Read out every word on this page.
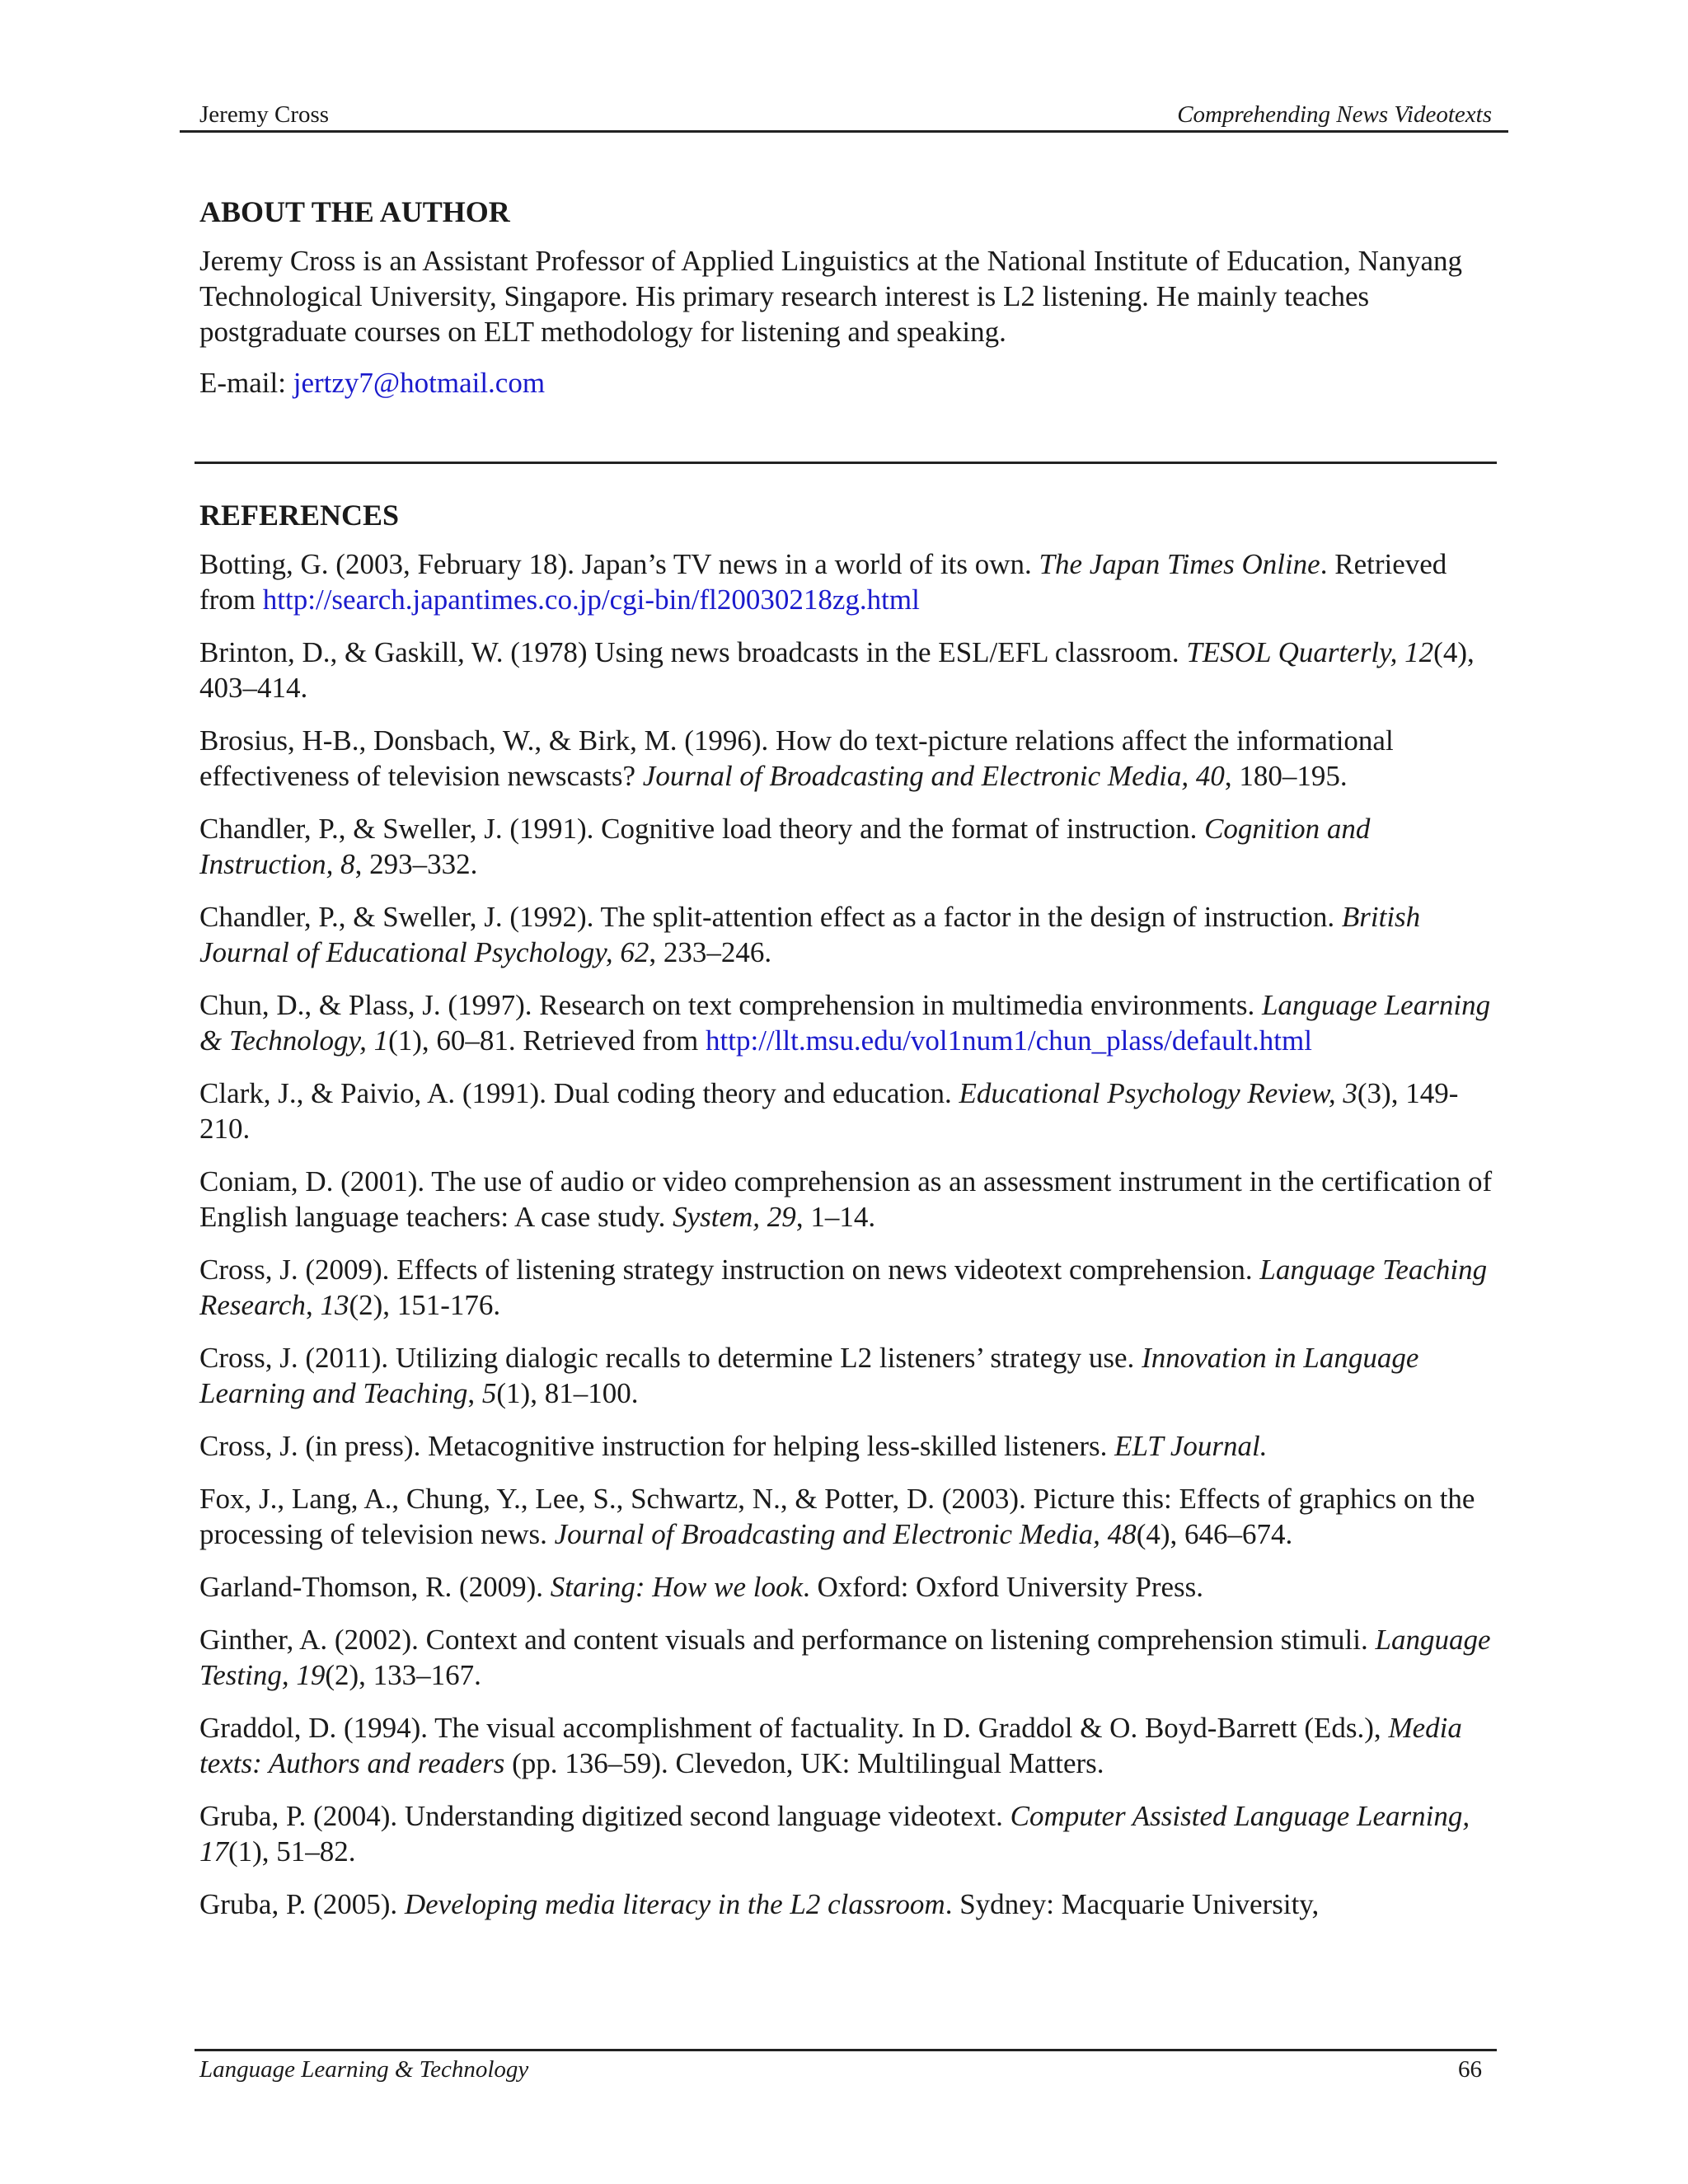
Jeremy Cross	Comprehending News Videotexts
ABOUT THE AUTHOR

Jeremy Cross is an Assistant Professor of Applied Linguistics at the National Institute of Education, Nanyang Technological University, Singapore. His primary research interest is L2 listening. He mainly teaches postgraduate courses on ELT methodology for listening and speaking.

E-mail: jertzy7@hotmail.com

REFERENCES

Botting, G. (2003, February 18). Japan’s TV news in a world of its own. The Japan Times Online. Retrieved from http://search.japantimes.co.jp/cgi-bin/fl20030218zg.html

Brinton, D., & Gaskill, W. (1978) Using news broadcasts in the ESL/EFL classroom. TESOL Quarterly, 12(4), 403–414.

Brosius, H-B., Donsbach, W., & Birk, M. (1996). How do text-picture relations affect the informational effectiveness of television newscasts? Journal of Broadcasting and Electronic Media, 40, 180–195.

Chandler, P., & Sweller, J. (1991). Cognitive load theory and the format of instruction. Cognition and Instruction, 8, 293–332.

Chandler, P., & Sweller, J. (1992). The split-attention effect as a factor in the design of instruction. British Journal of Educational Psychology, 62, 233–246.

Chun, D., & Plass, J. (1997). Research on text comprehension in multimedia environments. Language Learning & Technology, 1(1), 60–81. Retrieved from http://llt.msu.edu/vol1num1/chun_plass/default.html

Clark, J., & Paivio, A. (1991). Dual coding theory and education. Educational Psychology Review, 3(3), 149-210.

Coniam, D. (2001). The use of audio or video comprehension as an assessment instrument in the certification of English language teachers: A case study. System, 29, 1–14.

Cross, J. (2009). Effects of listening strategy instruction on news videotext comprehension. Language Teaching Research, 13(2), 151-176.

Cross, J. (2011). Utilizing dialogic recalls to determine L2 listeners’ strategy use. Innovation in Language Learning and Teaching, 5(1), 81–100.

Cross, J. (in press). Metacognitive instruction for helping less-skilled listeners. ELT Journal.

Fox, J., Lang, A., Chung, Y., Lee, S., Schwartz, N., & Potter, D. (2003). Picture this: Effects of graphics on the processing of television news. Journal of Broadcasting and Electronic Media, 48(4), 646–674.

Garland-Thomson, R. (2009). Staring: How we look. Oxford: Oxford University Press.

Ginther, A. (2002). Context and content visuals and performance on listening comprehension stimuli. Language Testing, 19(2), 133–167.

Graddol, D. (1994). The visual accomplishment of factuality. In D. Graddol & O. Boyd-Barrett (Eds.), Media texts: Authors and readers (pp. 136–59). Clevedon, UK: Multilingual Matters.

Gruba, P. (2004). Understanding digitized second language videotext. Computer Assisted Language Learning, 17(1), 51–82.

Gruba, P. (2005). Developing media literacy in the L2 classroom. Sydney: Macquarie University,

Language Learning & Technology	66
